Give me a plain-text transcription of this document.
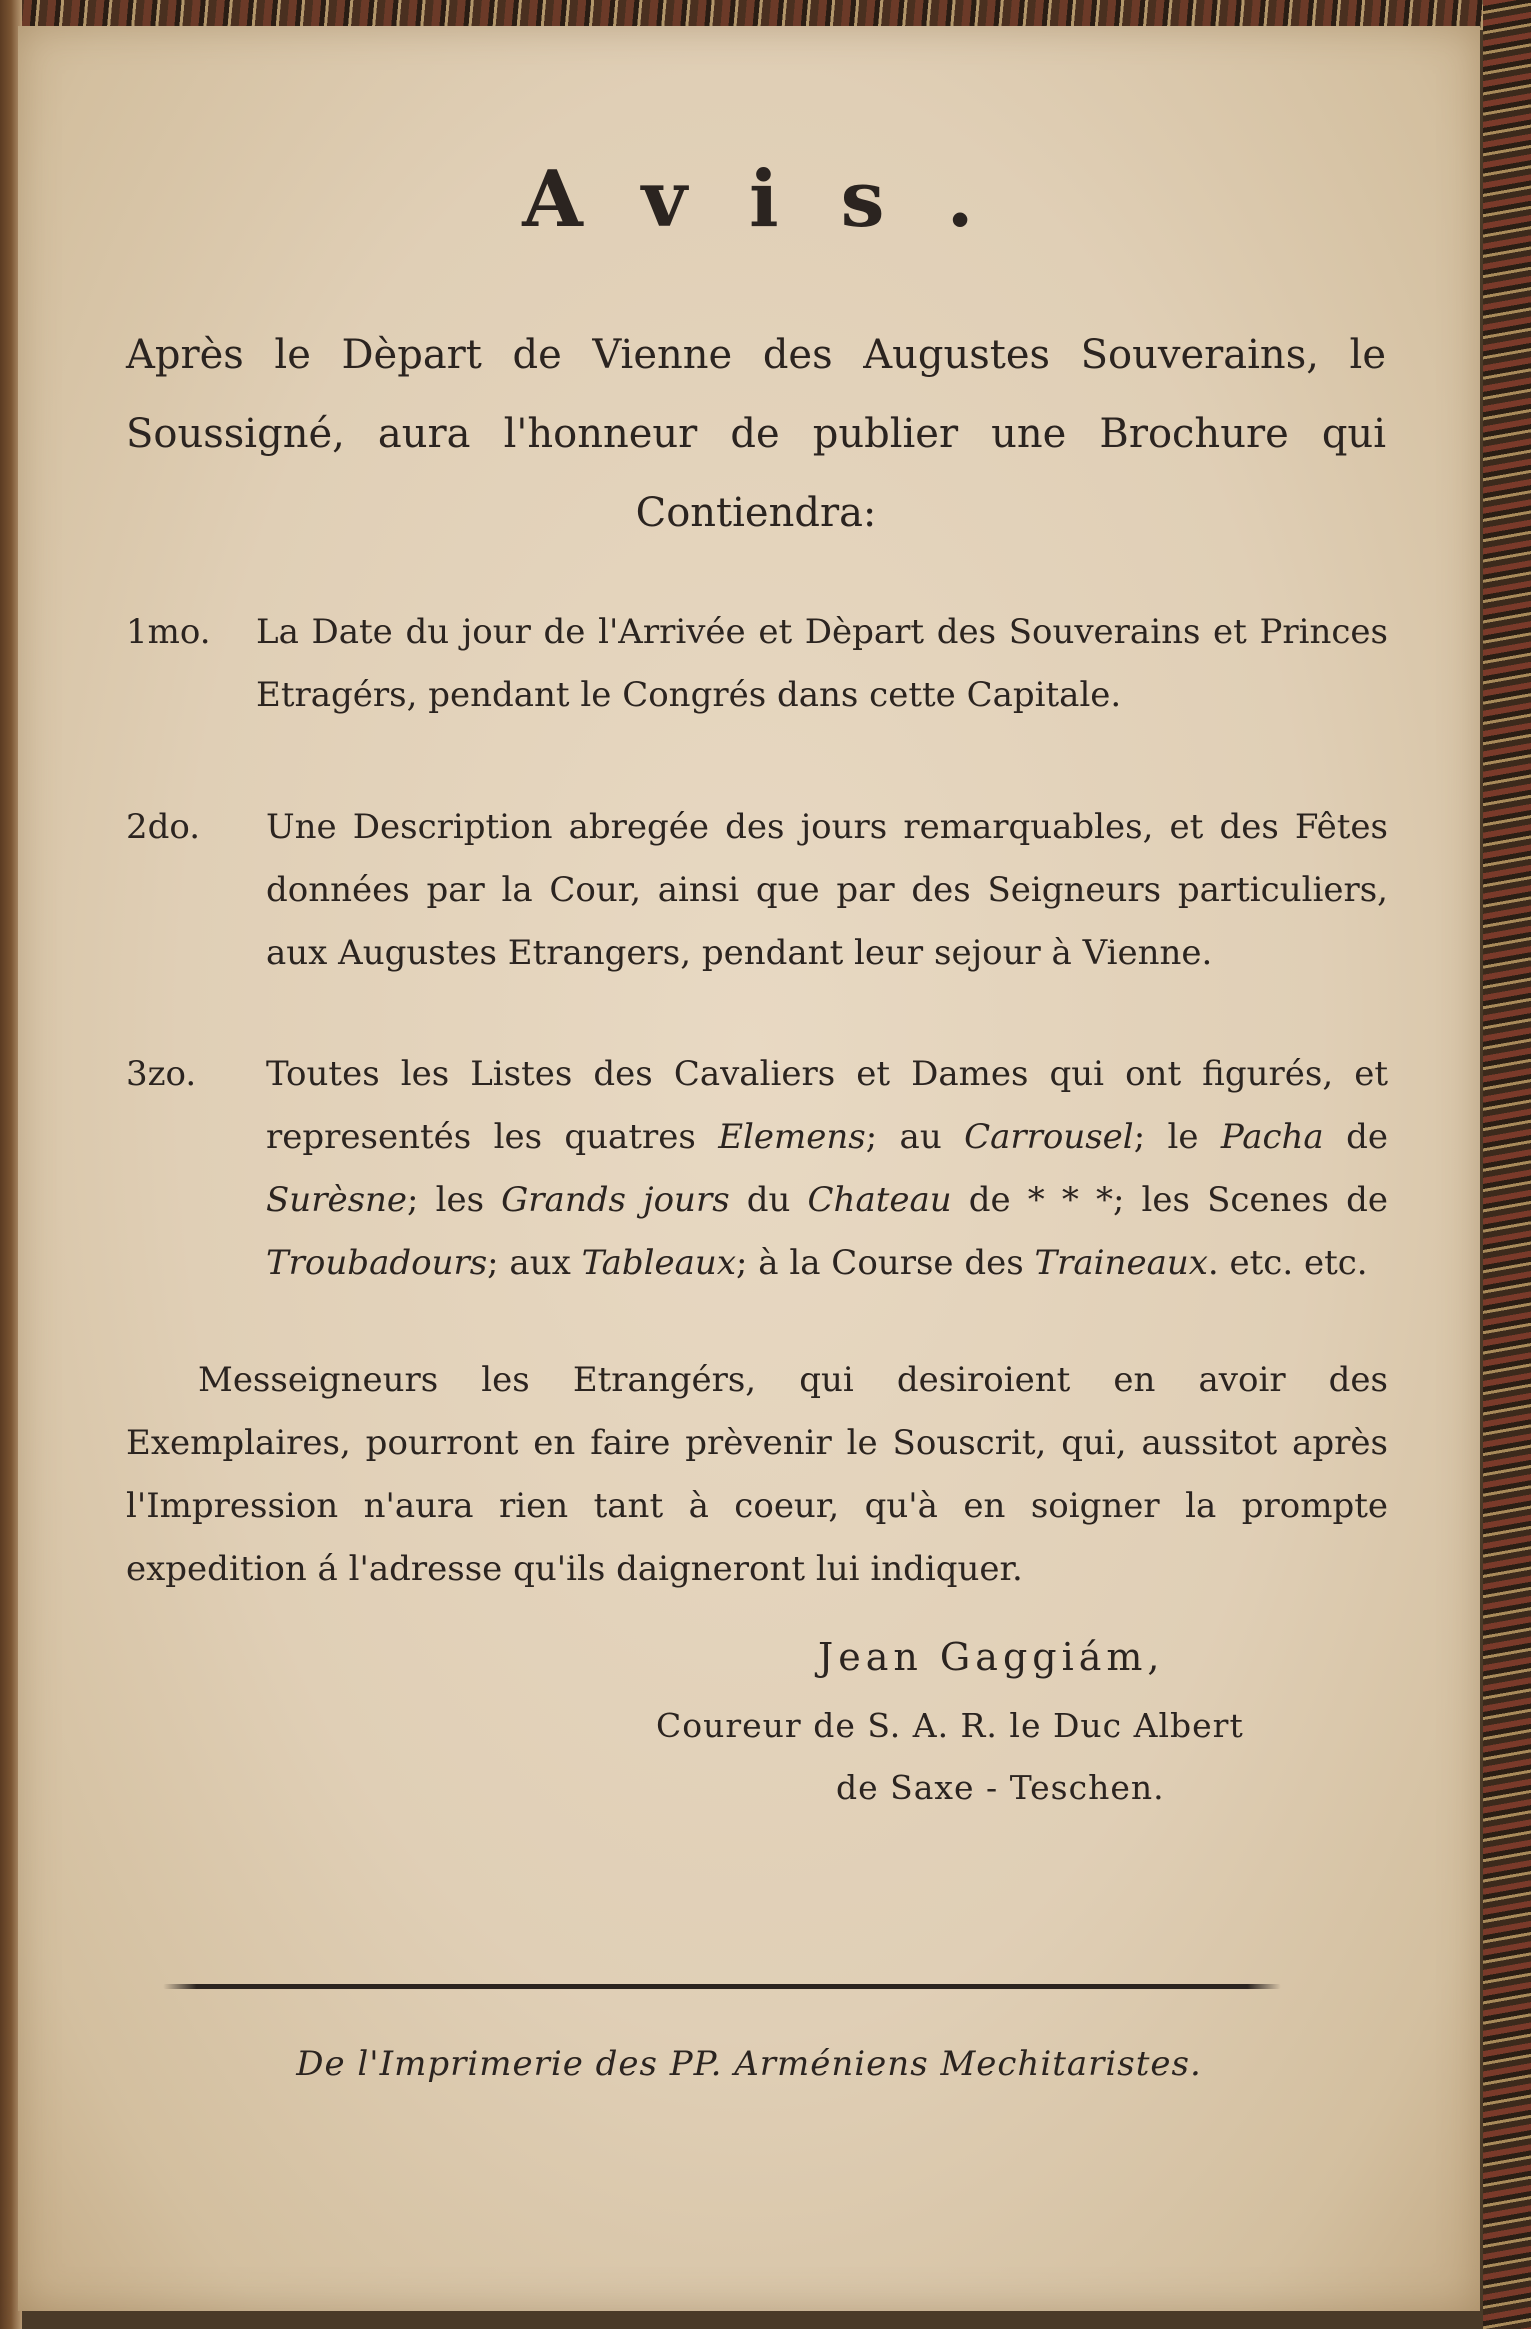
Avis.
Après le Dèpart de Vienne des Augustes Souverains, le Soussigné, aura l'honneur de publier une Brochure qui Contiendra:
1mo. La Date du jour de l'Arrivée et Dèpart des Souverains et Princes Etragérs, pendant le Congrés dans cette Capitale.
2do. Une Description abregée des jours remarquables, et des Fêtes données par la Cour, ainsi que par des Seigneurs particuliers, aux Augustes Etrangers, pendant leur sejour à Vienne.
3zo. Toutes les Listes des Cavaliers et Dames qui ont figurés, et representés les quatres Elemens; au Carrousel; le Pacha de Surèsne; les Grands jours du Chateau de * * *; les Scenes de Troubadours; aux Tableaux; à la Course des Traineaux. etc. etc.
Messeigneurs les Etrangérs, qui desiroient en avoir des Exemplaires, pourront en faire prèvenir le Souscrit, qui, aussitot après l'Impression n'aura rien tant à coeur, qu'à en soigner la prompte expedition á l'adresse qu'ils daigneront lui indiquer.
Jean Gaggiám,
Coureur de S. A. R. le Duc Albert
de Saxe - Teschen.
De l'Imprimerie des PP. Arméniens Mechitaristes.
